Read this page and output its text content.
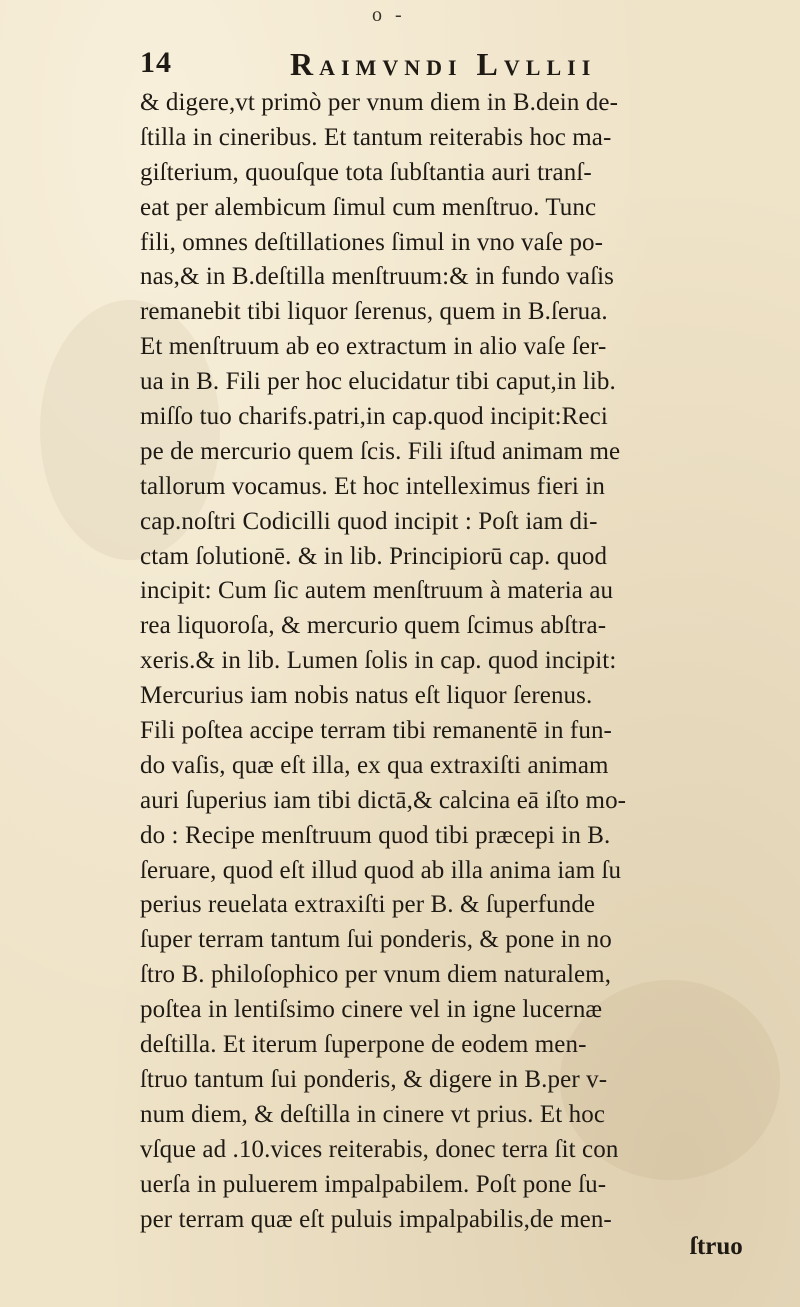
o -
14	Raimvndi Lvllii
& digere,vt primò per vnum diem in B.dein de-
ſtilla in cineribus. Et tantum reiterabis hoc ma-
giſterium, quouſque tota ſubſtantia auri tranſ-
eat per alembicum ſimul cum menſtruo. Tunc
fili, omnes deſtillationes ſimul in vno vaſe po-
nas,& in B.deſtilla menſtruum:& in fundo vaſis
remanebit tibi liquor ſerenus, quem in B.ſerua.
Et menſtruum ab eo extractum in alio vaſe ſer-
ua in B. Fili per hoc elucidatur tibi caput,in lib.
miſſo tuo charifs.patri,in cap.quod incipit:Reci
pe de mercurio quem ſcis. Fili iſtud animam me
tallorum vocamus. Et hoc intelleximus fieri in
cap.noſtri Codicilli quod incipit : Poſt iam di-
ctam ſolutionē. & in lib. Principiorū cap. quod
incipit: Cum ſic autem menſtruum à materia au
rea liquoroſa, & mercurio quem ſcimus abſtra-
xeris.& in lib. Lumen ſolis in cap. quod incipit:
Mercurius iam nobis natus eſt liquor ſerenus.
Fili poſtea accipe terram tibi remanentē in fun-
do vaſis, quæ eſt illa, ex qua extraxiſti animam
auri ſuperius iam tibi dictā,& calcina eā iſto mo-
do : Recipe menſtruum quod tibi præcepi in B.
ſeruare, quod eſt illud quod ab illa anima iam ſu
perius reuelata extraxiſti per B. & ſuperfunde
ſuper terram tantum ſui ponderis, & pone in no
ſtro B. philoſophico per vnum diem naturalem,
poſtea in lentiſsimo cinere vel in igne lucernæ
deſtilla. Et iterum ſuperpone de eodem men-
ſtruo tantum ſui ponderis, & digere in B.per v-
num diem, & deſtilla in cinere vt prius. Et hoc
vſque ad .10.vices reiterabis, donec terra ſit con
uerſa in puluerem impalpabilem. Poſt pone ſu-
per terram quæ eſt puluis impalpabilis,de men-
ſtruo
